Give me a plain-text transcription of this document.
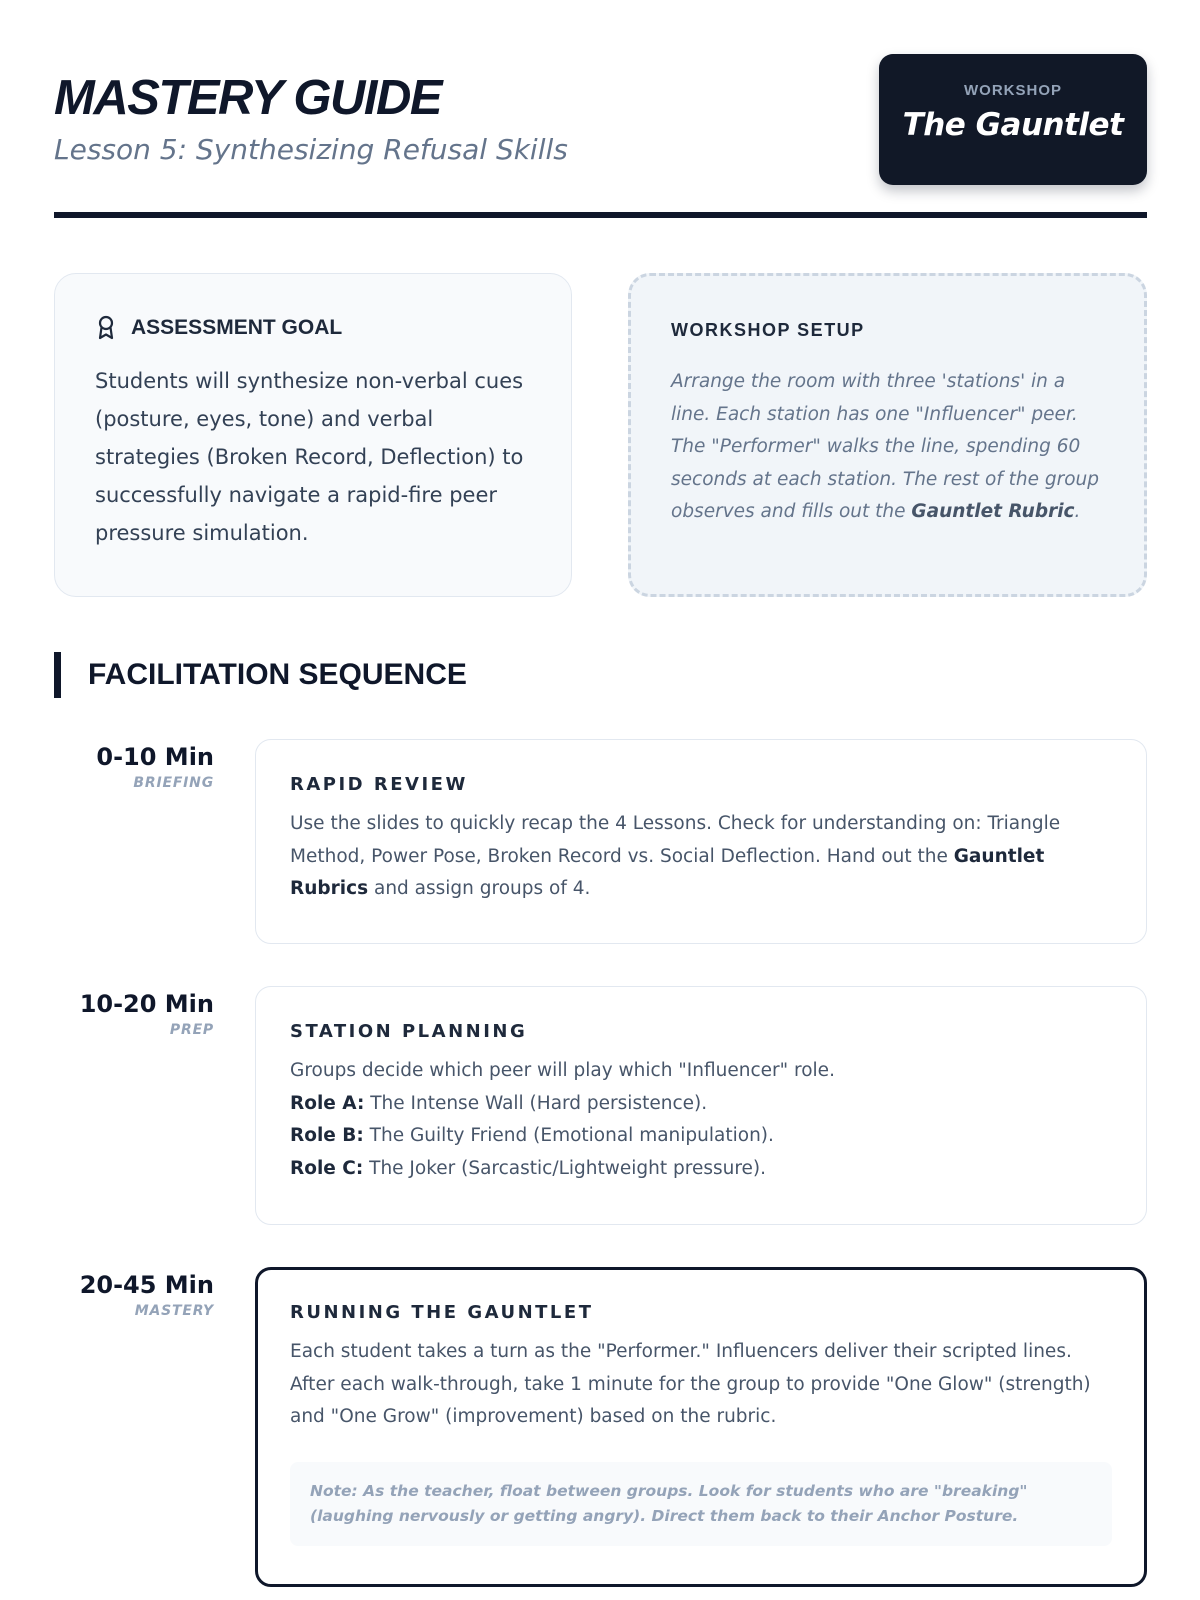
MASTERY GUIDE

Lesson 5: Synthesizing Refusal Skills

WORKSHOP
The Gauntlet
ASSESSMENT GOAL

Students will synthesize non-verbal cues (posture, eyes, tone) and verbal strategies (Broken Record, Deflection) to successfully navigate a rapid-fire peer pressure simulation.

WORKSHOP SETUP

Arrange the room with three 'stations' in a line. Each station has one "Influencer" peer. The "Performer" walks the line, spending 60 seconds at each station. The rest of the group observes and fills out the Gauntlet Rubric.

FACILITATION SEQUENCE
0-10 Min
BRIEFING	RAPID REVIEW
Use the slides to quickly recap the 4 Lessons. Check for understanding on: Triangle Method, Power Pose, Broken Record vs. Social Deflection. Hand out the Gauntlet Rubrics and assign groups of 4.
10-20 Min
PREP	STATION PLANNING
Groups decide which peer will play which "Influencer" role.
Role A: The Intense Wall (Hard persistence).
Role B: The Guilty Friend (Emotional manipulation).
Role C: The Joker (Sarcastic/Lightweight pressure).
20-45 Min
MASTERY	RUNNING THE GAUNTLET
Each student takes a turn as the "Performer." Influencers deliver their scripted lines. After each walk-through, take 1 minute for the group to provide "One Glow" (strength) and "One Grow" (improvement) based on the rubric.
Note: As the teacher, float between groups. Look for students who are "breaking" (laughing nervously or getting angry). Direct them back to their Anchor Posture.
